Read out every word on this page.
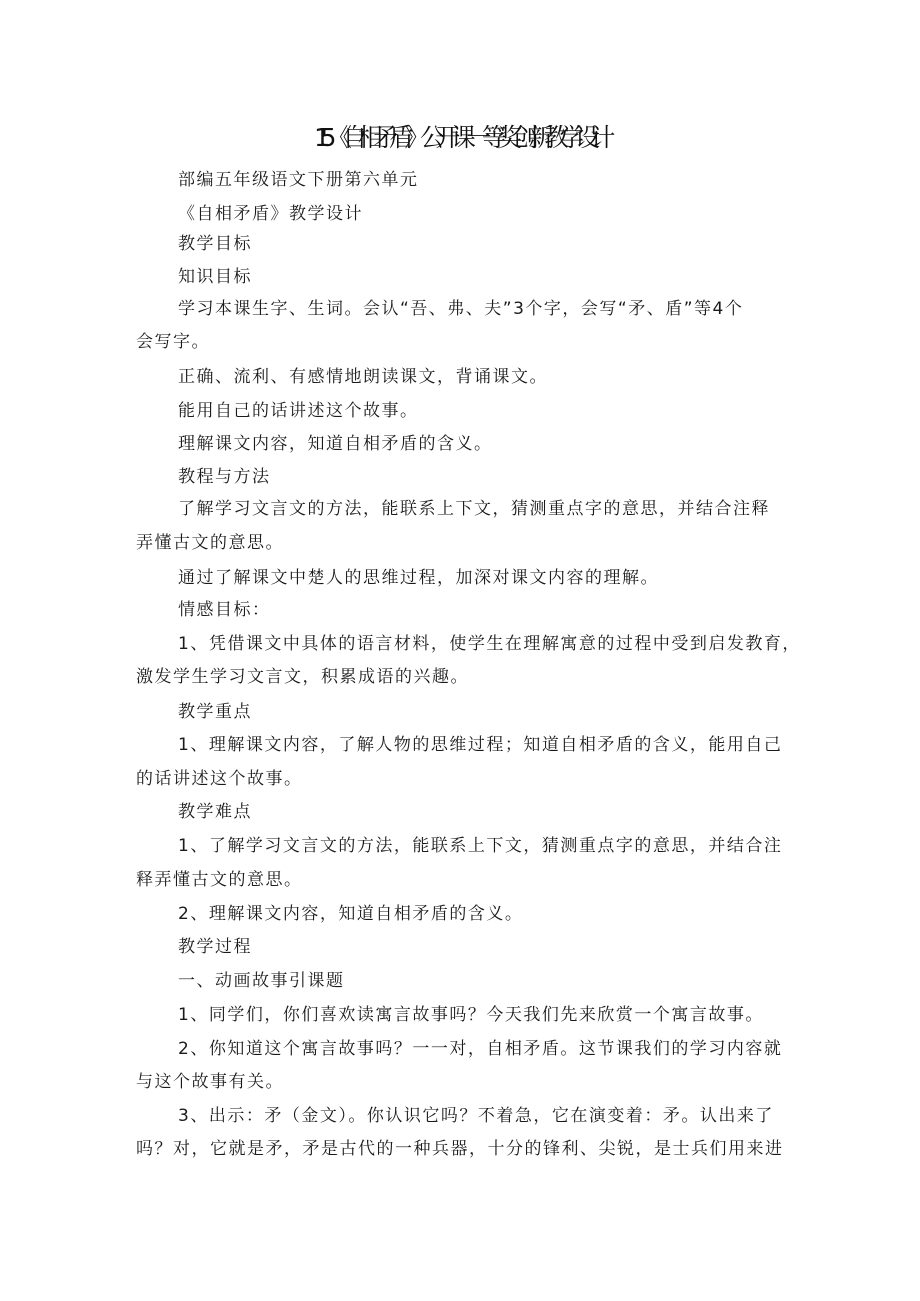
15《自相矛盾》公开课一等奖创新教学设计
部编五年级语文下册第六单元
《自相矛盾》教学设计
教学目标
知识目标
学习本课生字、生词。会认“吾、弗、夫”3个字，会写“矛、盾”等4个
会写字。
正确、流利、有感情地朗读课文，背诵课文。
能用自己的话讲述这个故事。
理解课文内容，知道自相矛盾的含义。
教程与方法
了解学习文言文的方法，能联系上下文，猜测重点字的意思，并结合注释
弄懂古文的意思。
通过了解课文中楚人的思维过程，加深对课文内容的理解。
情感目标：
1、凭借课文中具体的语言材料，使学生在理解寓意的过程中受到启发教育，
激发学生学习文言文，积累成语的兴趣。
教学重点
1、理解课文内容，了解人物的思维过程；知道自相矛盾的含义，能用自己
的话讲述这个故事。
教学难点
1、了解学习文言文的方法，能联系上下文，猜测重点字的意思，并结合注
释弄懂古文的意思。
2、理解课文内容，知道自相矛盾的含义。
教学过程
一、动画故事引课题
1、同学们，你们喜欢读寓言故事吗？今天我们先来欣赏一个寓言故事。
2、你知道这个寓言故事吗？一一对，自相矛盾。这节课我们的学习内容就
与这个故事有关。
3、出示：矛（金文）。你认识它吗？不着急，它在演变着：矛。认出来了
吗？对，它就是矛，矛是古代的一种兵器，十分的锋利、尖锐，是士兵们用来进
